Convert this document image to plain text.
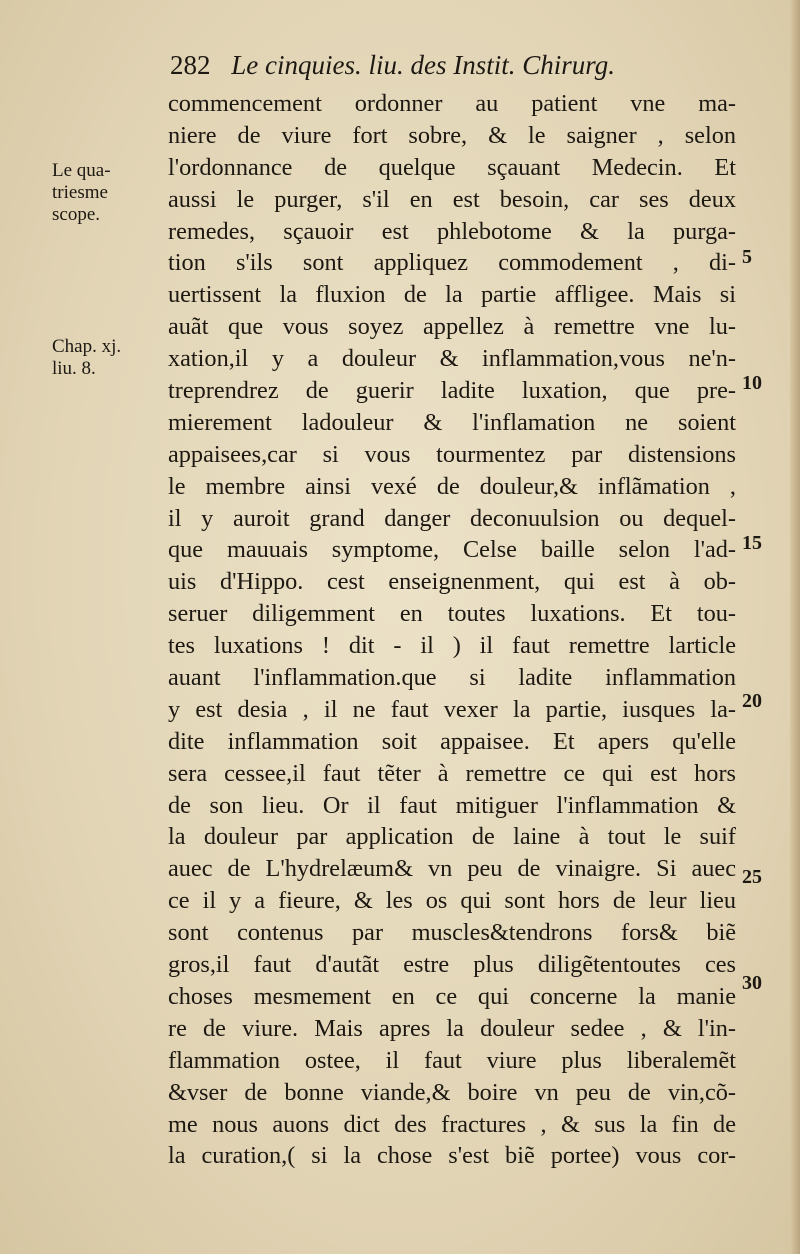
282 Le cinquies. liu. des Instit. Chirurg.
Le qua-
triesme
scope.
Chap. xj.
liu. 8.
5
10
15
20
25
30
commencement ordonner au patient vne ma-
niere de viure fort sobre, & le saigner , selon
l'ordonnance de quelque sçauant Medecin. Et
aussi le purger, s'il en est besoin, car ses deux
remedes, sçauoir est phlebotome & la purga-
tion s'ils sont appliquez commodement , di-
uertissent la fluxion de la partie affligee. Mais si
auãt que vous soyez appellez à remettre vne lu-
xation,il y a douleur & inflammation,vous ne'n-
treprendrez de guerir ladite luxation, que pre-
mierement ladouleur & l'inflamation ne soient
appaisees,car si vous tourmentez par distensions
le membre ainsi vexé de douleur,& inflãmation ,
il y auroit grand danger deconuulsion ou dequel-
que mauuais symptome, Celse baille selon l'ad-
uis d'Hippo. cest enseignenment, qui est à ob-
seruer diligemment en toutes luxations. Et tou-
tes luxations ! dit - il ) il faut remettre larticle
auant l'inflammation.que si ladite inflammation
y est desia , il ne faut vexer la partie, iusques la-
dite inflammation soit appaisee. Et apers qu'elle
sera cessee,il faut tẽter à remettre ce qui est hors
de son lieu. Or il faut mitiguer l'inflammation &
la douleur par application de laine à tout le suif
auec de L'hydrelæum& vn peu de vinaigre. Si auec
ce il y a fieure, & les os qui sont hors de leur lieu
sont contenus par muscles&tendrons fors& biẽ
gros,il faut d'autãt estre plus diligẽtentoutes ces
choses mesmement en ce qui concerne la manie
re de viure. Mais apres la douleur sedee , & l'in-
flammation ostee, il faut viure plus liberalemẽt
&vser de bonne viande,& boire vn peu de vin,cõ-
me nous auons dict des fractures , & sus la fin de
la curation,( si la chose s'est biẽ portee) vous cor-
